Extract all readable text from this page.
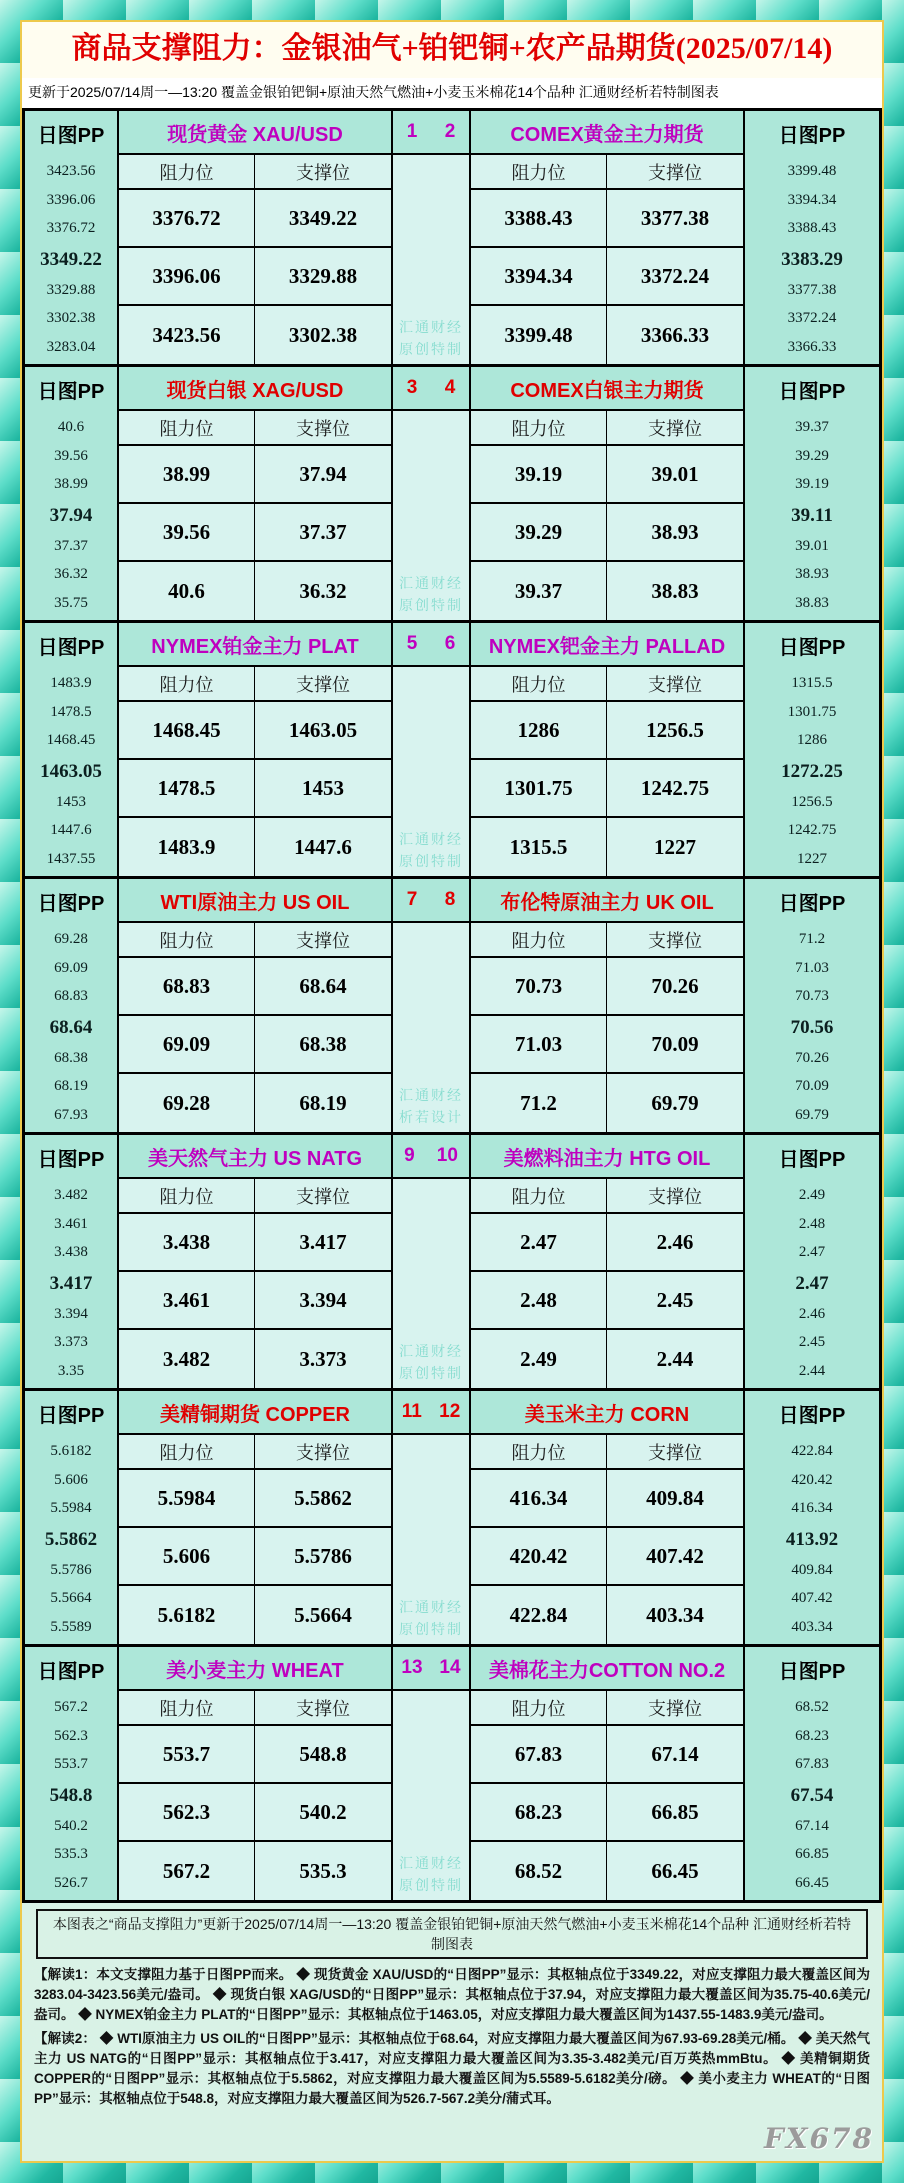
商品支撑阻力：金银油气+铂钯铜+农产品期货(2025/07/14)
更新于2025/07/14周一—13:20 覆盖金银铂钯铜+原油天然气燃油+小麦玉米棉花14个品种 汇通财经析若特制图表
日图PP	现货黄金 XAU/USD	1 2	COMEX黄金主力期货	日图PP
3423.56
3396.06
3376.72
3349.22
3329.88
3302.38
3283.04
3399.48
3394.34
3388.43
3383.29
3377.38
3372.24
3366.33
阻力位	支撑位	阻力位	支撑位
3376.72	3349.22	3388.43	3377.38
3396.06	3329.88	3394.34	3372.24
3423.56	3302.38	3399.48	3366.33
汇通财经
原创特制
日图PP	现货白银 XAG/USD	3 4	COMEX白银主力期货	日图PP
40.6
39.56
38.99
37.94
37.37
36.32
35.75
39.37
39.29
39.19
39.11
39.01
38.93
38.83
阻力位	支撑位	阻力位	支撑位
38.99	37.94	39.19	39.01
39.56	37.37	39.29	38.93
40.6	36.32	39.37	38.83
汇通财经
原创特制
日图PP	NYMEX铂金主力 PLAT	5 6	NYMEX钯金主力 PALLAD	日图PP
1483.9
1478.5
1468.45
1463.05
1453
1447.6
1437.55
1315.5
1301.75
1286
1272.25
1256.5
1242.75
1227
阻力位	支撑位	阻力位	支撑位
1468.45	1463.05	1286	1256.5
1478.5	1453	1301.75	1242.75
1483.9	1447.6	1315.5	1227
汇通财经
原创特制
日图PP	WTI原油主力 US OIL	7 8	布伦特原油主力 UK OIL	日图PP
69.28
69.09
68.83
68.64
68.38
68.19
67.93
71.2
71.03
70.73
70.56
70.26
70.09
69.79
阻力位	支撑位	阻力位	支撑位
68.83	68.64	70.73	70.26
69.09	68.38	71.03	70.09
69.28	68.19	71.2	69.79
汇通财经
析若设计
日图PP	美天然气主力 US NATG	9 10	美燃料油主力 HTG OIL	日图PP
3.482
3.461
3.438
3.417
3.394
3.373
3.35
2.49
2.48
2.47
2.47
2.46
2.45
2.44
阻力位	支撑位	阻力位	支撑位
3.438	3.417	2.47	2.46
3.461	3.394	2.48	2.45
3.482	3.373	2.49	2.44
汇通财经
原创特制
日图PP	美精铜期货 COPPER	11 12	美玉米主力 CORN	日图PP
5.6182
5.606
5.5984
5.5862
5.5786
5.5664
5.5589
422.84
420.42
416.34
413.92
409.84
407.42
403.34
阻力位	支撑位	阻力位	支撑位
5.5984	5.5862	416.34	409.84
5.606	5.5786	420.42	407.42
5.6182	5.5664	422.84	403.34
汇通财经
原创特制
日图PP	美小麦主力 WHEAT	13 14	美棉花主力COTTON NO.2	日图PP
567.2
562.3
553.7
548.8
540.2
535.3
526.7
68.52
68.23
67.83
67.54
67.14
66.85
66.45
阻力位	支撑位	阻力位	支撑位
553.7	548.8	67.83	67.14
562.3	540.2	68.23	66.85
567.2	535.3	68.52	66.45
汇通财经
原创特制
本图表之“商品支撑阻力”更新于2025/07/14周一—13:20 覆盖金银铂钯铜+原油天然气燃油+小麦玉米棉花14个品种 汇通财经析若特制图表

【解读1：本文支撑阻力基于日图PP而来。 ◆ 现货黄金 XAU/USD的“日图PP”显示：其枢轴点位于3349.22，对应支撑阻力最大覆盖区间为3283.04-3423.56美元/盎司。 ◆ 现货白银 XAG/USD的“日图PP”显示：其枢轴点位于37.94，对应支撑阻力最大覆盖区间为35.75-40.6美元/盎司。 ◆ NYMEX铂金主力 PLAT的“日图PP”显示：其枢轴点位于1463.05，对应支撑阻力最大覆盖区间为1437.55-1483.9美元/盎司。

【解读2： ◆ WTI原油主力 US OIL的“日图PP”显示：其枢轴点位于68.64，对应支撑阻力最大覆盖区间为67.93-69.28美元/桶。 ◆ 美天然气主力 US NATG的“日图PP”显示：其枢轴点位于3.417，对应支撑阻力最大覆盖区间为3.35-3.482美元/百万英热mmBtu。 ◆ 美精铜期货 COPPER的“日图PP”显示：其枢轴点位于5.5862，对应支撑阻力最大覆盖区间为5.5589-5.6182美分/磅。 ◆ 美小麦主力 WHEAT的“日图PP”显示：其枢轴点位于548.8，对应支撑阻力最大覆盖区间为526.7-567.2美分/蒲式耳。

FX678
